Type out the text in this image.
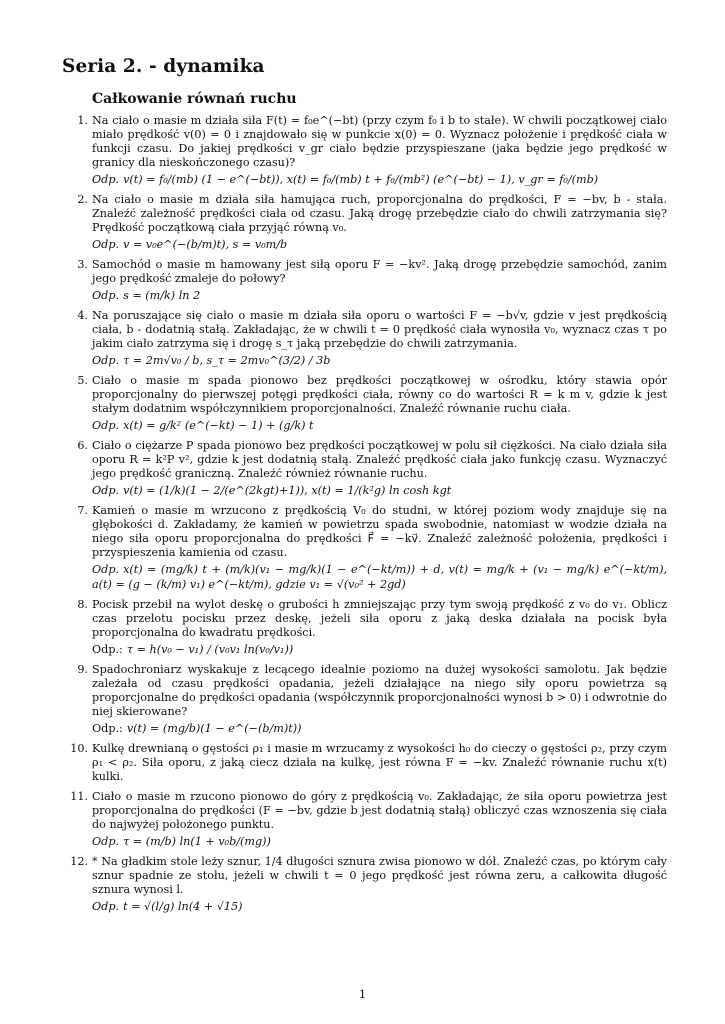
Seria 2. - dynamika
Całkowanie równań ruchu
1. Na ciało o masie m działa siła F(t) = f₀e^(−bt) (przy czym f₀ i b to stałe). W chwili początkowej ciało miało prędkość v(0) = 0 i znajdowało się w punkcie x(0) = 0. Wyznacz położenie i prędkość ciała w funkcji czasu. Do jakiej prędkości v_gr ciało będzie przyspieszane (jaka będzie jego prędkość w granicy dla nieskończonego czasu)?
Odp. v(t) = f₀/(mb) (1 − e^(−bt)), x(t) = f₀/(mb) t + f₀/(mb²) (e^(−bt) − 1), v_gr = f₀/(mb)
2. Na ciało o masie m działa siła hamująca ruch, proporcjonalna do prędkości, F = −bv, b - stała. Znaleźć zależność prędkości ciała od czasu. Jaką drogę przebędzie ciało do chwili zatrzymania się? Prędkość początkową ciała przyjąć równą v₀.
Odp. v = v₀e^(−(b/m)t), s = v₀m/b
3. Samochód o masie m hamowany jest siłą oporu F = −kv². Jaką drogę przebędzie samochód, zanim jego prędkość zmaleje do połowy?
Odp. s = (m/k) ln 2
4. Na poruszające się ciało o masie m działa siła oporu o wartości F = −b√v, gdzie v jest prędkością ciała, b - dodatnią stałą. Zakładając, że w chwili t = 0 prędkość ciała wynosiła v₀, wyznacz czas τ po jakim ciało zatrzyma się i drogę s_τ jaką przebędzie do chwili zatrzymania.
Odp. τ = 2m√v₀ / b, s_τ = 2mv₀^(3/2) / 3b
5. Ciało o masie m spada pionowo bez prędkości początkowej w ośrodku, który stawia opór proporcjonalny do pierwszej potęgi prędkości ciała, równy co do wartości R = k m v, gdzie k jest stałym dodatnim współczynnikiem proporcjonalności. Znaleźć równanie ruchu ciała.
Odp. x(t) = g/k² (e^(−kt) − 1) + (g/k) t
6. Ciało o ciężarze P spada pionowo bez prędkości początkowej w polu sił ciężkości. Na ciało działa siła oporu R = k²P v², gdzie k jest dodatnią stałą. Znaleźć prędkość ciała jako funkcję czasu. Wyznaczyć jego prędkość graniczną. Znaleźć również równanie ruchu.
Odp. v(t) = (1/k)(1 − 2/(e^(2kgt)+1)), x(t) = 1/(k²g) ln cosh kgt
7. Kamień o masie m wrzucono z prędkością V₀ do studni, w której poziom wody znajduje się na głębokości d. Zakładamy, że kamień w powietrzu spada swobodnie, natomiast w wodzie działa na niego siła oporu proporcjonalna do prędkości F⃗ = −kv⃗. Znaleźć zależność położenia, prędkości i przyspieszenia kamienia od czasu.
Odp. x(t) = (mg/k) t + (m/k)(v₁ − mg/k)(1 − e^(−kt/m)) + d, v(t) = mg/k + (v₁ − mg/k) e^(−kt/m), a(t) = (g − (k/m) v₁) e^(−kt/m), gdzie v₁ = √(v₀² + 2gd)
8. Pocisk przebił na wylot deskę o grubości h zmniejszając przy tym swoją prędkość z v₀ do v₁. Oblicz czas przelotu pocisku przez deskę, jeżeli siła oporu z jaką deska działała na pocisk była proporcjonalna do kwadratu prędkości.
Odp.: τ = h(v₀ − v₁) / (v₀v₁ ln(v₀/v₁))
9. Spadochroniarz wyskakuje z lecącego idealnie poziomo na dużej wysokości samolotu. Jak będzie zależała od czasu prędkości opadania, jeżeli działające na niego siły oporu powietrza są proporcjonalne do prędkości opadania (współczynnik proporcjonalności wynosi b > 0) i odwrotnie do niej skierowane?
Odp.: v(t) = (mg/b)(1 − e^(−(b/m)t))
10. Kulkę drewnianą o gęstości ρ₁ i masie m wrzucamy z wysokości h₀ do cieczy o gęstości ρ₂, przy czym ρ₁ < ρ₂. Siła oporu, z jaką ciecz działa na kulkę, jest równa F = −kv. Znaleźć równanie ruchu x(t) kulki.
11. Ciało o masie m rzucono pionowo do góry z prędkością v₀. Zakładając, że siła oporu powietrza jest proporcjonalna do prędkości (F = −bv, gdzie b jest dodatnią stałą) obliczyć czas wznoszenia się ciała do najwyżej położonego punktu.
Odp. τ = (m/b) ln(1 + v₀b/(mg))
12. * Na gładkim stole leży sznur, 1/4 długości sznura zwisa pionowo w dół. Znaleźć czas, po którym cały sznur spadnie ze stołu, jeżeli w chwili t = 0 jego prędkość jest równa zeru, a całkowita długość sznura wynosi l.
Odp. t = √(l/g) ln(4 + √15)
1
